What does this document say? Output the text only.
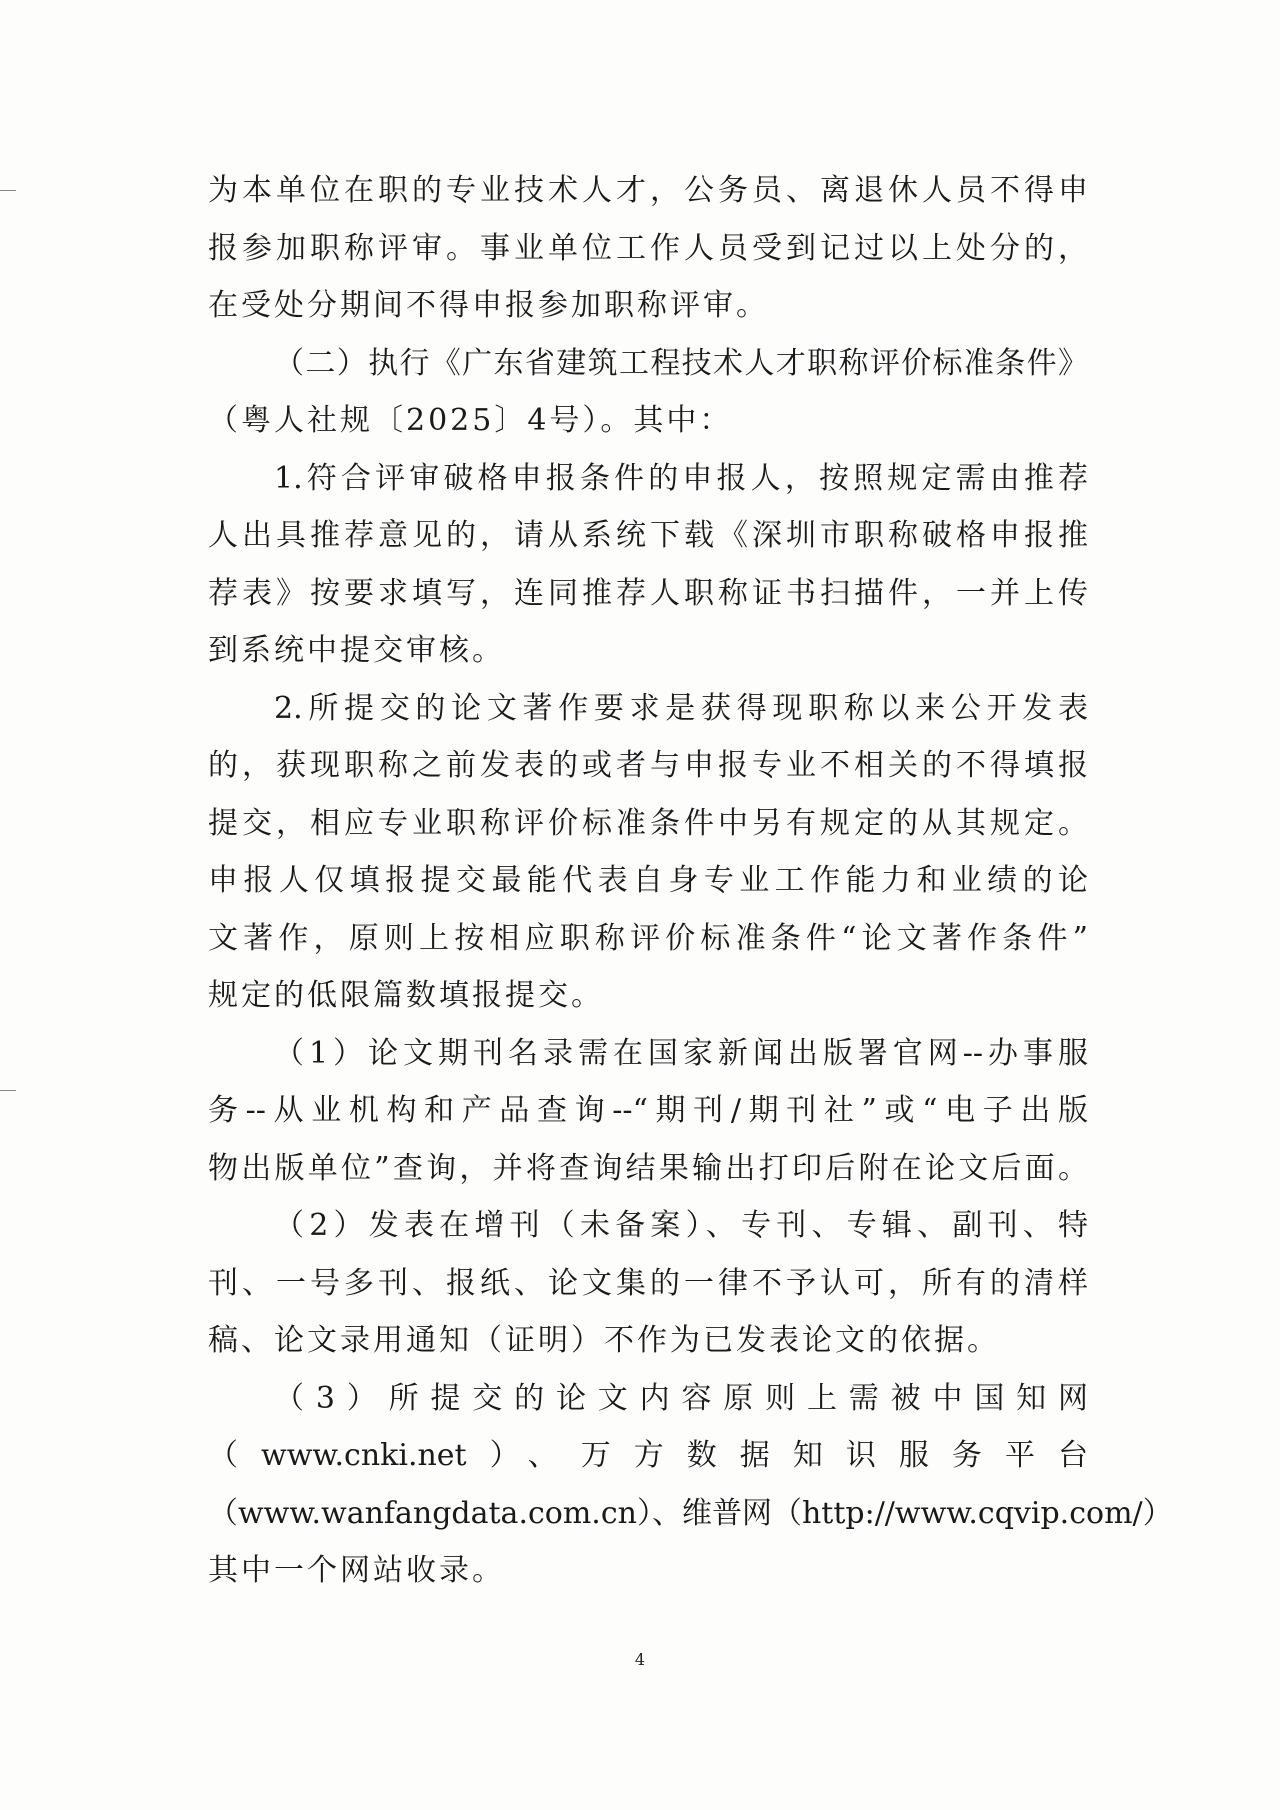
为本单位在职的专业技术人才，公务员、离退休人员不得申
报参加职称评审。事业单位工作人员受到记过以上处分的，
在受处分期间不得申报参加职称评审。
（二）执行《广东省建筑工程技术人才职称评价标准条件》
（粤人社规〔2025〕4号）。其中：
1.符合评审破格申报条件的申报人，按照规定需由推荐
人出具推荐意见的，请从系统下载《深圳市职称破格申报推
荐表》按要求填写，连同推荐人职称证书扫描件，一并上传
到系统中提交审核。
2.所提交的论文著作要求是获得现职称以来公开发表
的，获现职称之前发表的或者与申报专业不相关的不得填报
提交，相应专业职称评价标准条件中另有规定的从其规定。
申报人仅填报提交最能代表自身专业工作能力和业绩的论
文著作，原则上按相应职称评价标准条件“论文著作条件”
规定的低限篇数填报提交。
（1）论文期刊名录需在国家新闻出版署官网--办事服
务--从业机构和产品查询--“期刊/期刊社”或“电子出版
物出版单位”查询，并将查询结果输出打印后附在论文后面。
（2）发表在增刊（未备案）、专刊、专辑、副刊、特
刊、一号多刊、报纸、论文集的一律不予认可，所有的清样
稿、论文录用通知（证明）不作为已发表论文的依据。
（3）所提交的论文内容原则上需被中国知网
（www.cnki.net）、万方数据知识服务平台
（www.wanfangdata.com.cn）、维普网（http://www.cqvip.com/）
其中一个网站收录。
4
